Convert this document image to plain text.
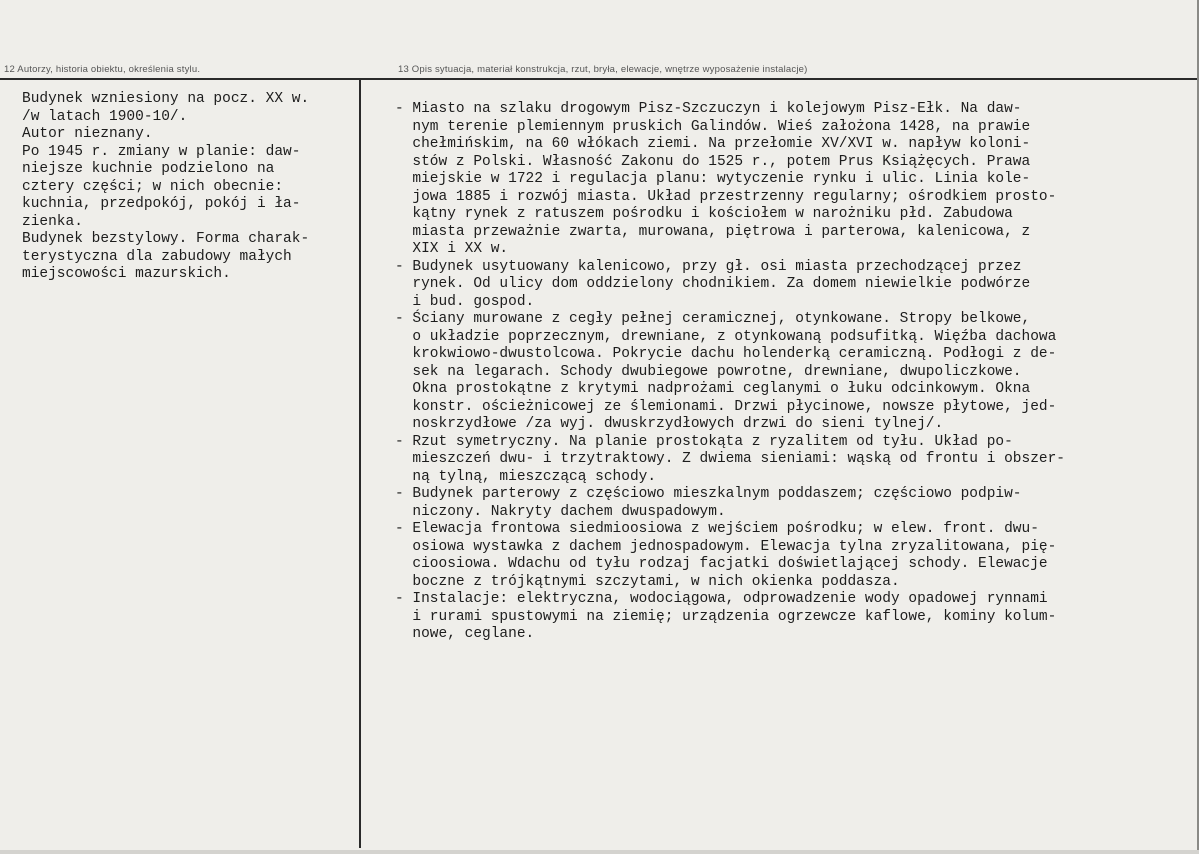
12 Autorzy, historia obiektu, określenia stylu.	13 Opis sytuacja, materiał konstrukcja, rzut, bryła, elewacje, wnętrze wyposażenie instalacje)
Budynek wzniesiony na pocz. XX w.
/w latach 1900-10/.
Autor nieznany.
Po 1945 r. zmiany w planie: daw-
niejsze kuchnie podzielono na
cztery części; w nich obecnie:
kuchnia, przedpokój, pokój i ła-
zienka.
Budynek bezstylowy. Forma charak-
terystyczna dla zabudowy małych
miejscowości mazurskich.
- Miasto na szlaku drogowym Pisz-Szczuczyn i kolejowym Pisz-Ełk. Na daw-
nym terenie plemiennym pruskich Galindów. Wieś założona 1428, na prawie
chełmińskim, na 60 włókach ziemi. Na przełomie XV/XVI w. napływ koloni-
stów z Polski. Własność Zakonu do 1525 r., potem Prus Książęcych. Prawa
miejskie w 1722 i regulacja planu: wytyczenie rynku i ulic. Linia kole-
jowa 1885 i rozwój miasta. Układ przestrzenny regularny; ośrodkiem prosto-
kątny rynek z ratuszem pośrodku i kościołem w narożniku płd. Zabudowa
miasta przeważnie zwarta, murowana, piętrowa i parterowa, kalenicowa, z
XIX i XX w.
- Budynek usytuowany kalenicowo, przy gł. osi miasta przechodzącej przez
rynek. Od ulicy dom oddzielony chodnikiem. Za domem niewielkie podwórze
i bud. gospod.
- Ściany murowane z cegły pełnej ceramicznej, otynkowane. Stropy belkowe,
o układzie poprzecznym, drewniane, z otynkowaną podsufitką. Więźba dachowa
krokwiowo-dwustolcowa. Pokrycie dachu holenderką ceramiczną. Podłogi z de-
sek na legarach. Schody dwubiegowe powrotne, drewniane, dwupoliczkowe.
Okna prostokątne z krytymi nadprożami ceglanymi o łuku odcinkowym. Okna
konstr. ościeżnicowej ze ślemionami. Drzwi płycinowe, nowsze płytowe, jed-
noskrzydłowe /za wyj. dwuskrzydłowych drzwi do sieni tylnej/.
- Rzut symetryczny. Na planie prostokąta z ryzalitem od tyłu. Układ po-
mieszczeń dwu- i trzytraktowy. Z dwiema sieniami: wąską od frontu i obszer-
ną tylną, mieszczącą schody.
- Budynek parterowy z częściowo mieszkalnym poddaszem; częściowo podpiw-
niczony. Nakryty dachem dwuspadowym.
- Elewacja frontowa siedmioosiowa z wejściem pośrodku; w elew. front. dwu-
osiowa wystawka z dachem jednospadowym. Elewacja tylna zryzalitowana, pię-
cioosiowa. Wdachu od tyłu rodzaj facjatki doświetlającej schody. Elewacje
boczne z trójkątnymi szczytami, w nich okienka poddasza.
- Instalacje: elektryczna, wodociągowa, odprowadzenie wody opadowej rynnami
i rurami spustowymi na ziemię; urządzenia ogrzewcze kaflowe, kominy kolum-
nowe, ceglane.
